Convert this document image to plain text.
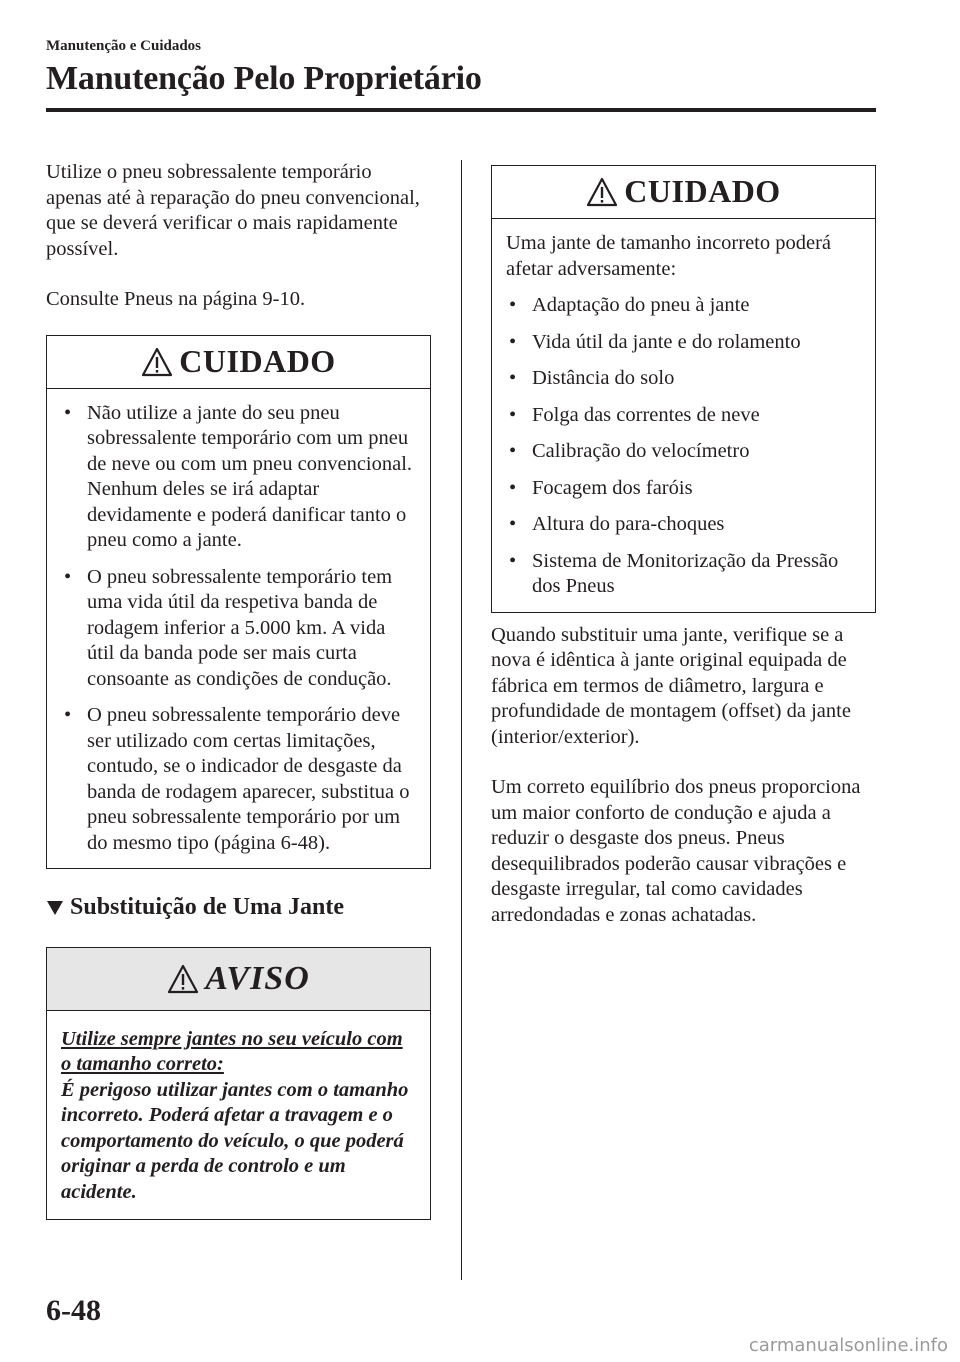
Manutenção e Cuidados
Manutenção Pelo Proprietário

Utilize o pneu sobressalente temporário apenas até à reparação do pneu convencional, que se deverá verificar o mais rapidamente possível.

Consulte Pneus na página 9-10.

CUIDADO
• Não utilize a jante do seu pneu sobressalente temporário com um pneu de neve ou com um pneu convencional. Nenhum deles se irá adaptar devidamente e poderá danificar tanto o pneu como a jante.
• O pneu sobressalente temporário tem uma vida útil da respetiva banda de rodagem inferior a 5.000 km. A vida útil da banda pode ser mais curta consoante as condições de condução.
• O pneu sobressalente temporário deve ser utilizado com certas limitações, contudo, se o indicador de desgaste da banda de rodagem aparecer, substitua o pneu sobressalente temporário por um do mesmo tipo (página 6-48).
Substituição de Uma Jante
AVISO
Utilize sempre jantes no seu veículo com o tamanho correto:
É perigoso utilizar jantes com o tamanho incorreto. Poderá afetar a travagem e o comportamento do veículo, o que poderá originar a perda de controlo e um acidente.
CUIDADO
Uma jante de tamanho incorreto poderá afetar adversamente:
• Adaptação do pneu à jante
• Vida útil da jante e do rolamento
• Distância do solo
• Folga das correntes de neve
• Calibração do velocímetro
• Focagem dos faróis
• Altura do para-choques
• Sistema de Monitorização da Pressão dos Pneus

Quando substituir uma jante, verifique se a nova é idêntica à jante original equipada de fábrica em termos de diâmetro, largura e profundidade de montagem (offset) da jante (interior/exterior).

Um correto equilíbrio dos pneus proporciona um maior conforto de condução e ajuda a reduzir o desgaste dos pneus. Pneus desequilibrados poderão causar vibrações e desgaste irregular, tal como cavidades arredondadas e zonas achatadas.

6-48
carmanualsonline.info
